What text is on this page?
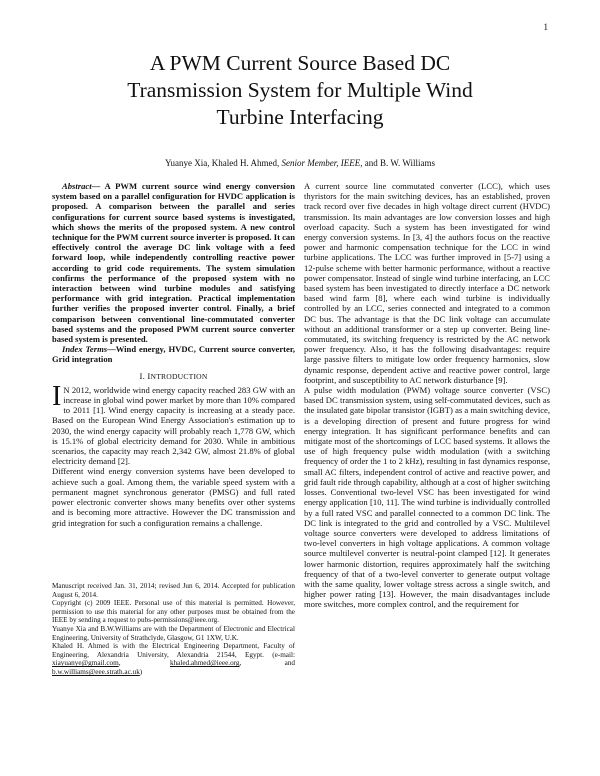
1
A PWM Current Source Based DC
Transmission System for Multiple Wind
Turbine Interfacing
Yuanye Xia, Khaled H. Ahmed, Senior Member, IEEE, and B. W. Williams

Abstract— A PWM current source wind energy conversion system based on a parallel configuration for HVDC application is proposed. A comparison between the parallel and series configurations for current source based systems is investigated, which shows the merits of the proposed system. A new control technique for the PWM current source inverter is proposed. It can effectively control the average DC link voltage with a feed forward loop, while independently controlling reactive power according to grid code requirements. The system simulation confirms the performance of the proposed system with no interaction between wind turbine modules and satisfying performance with grid integration. Practical implementation further verifies the proposed inverter control. Finally, a brief comparison between conventional line-commutated converter based systems and the proposed PWM current source converter based system is presented.

Index Terms—Wind energy, HVDC, Current source converter, Grid integration

I. INTRODUCTION

I N 2012, worldwide wind energy capacity reached 283 GW with an increase in global wind power market by more than 10% compared to 2011 [1]. Wind energy capacity is increasing at a steady pace. Based on the European Wind Energy Association's estimation up to 2030, the wind energy capacity will probably reach 1,778 GW, which is 15.1% of global electricity demand for 2030. While in ambitious scenarios, the capacity may reach 2,342 GW, almost 21.8% of global electricity demand [2].

Different wind energy conversion systems have been developed to achieve such a goal. Among them, the variable speed system with a permanent magnet synchronous generator (PMSG) and full rated power electronic converter shows many benefits over other systems and is becoming more attractive. However the DC transmission and grid integration for such a configuration remains a challenge.

Manuscript received Jan. 31, 2014; revised Jun 6, 2014. Accepted for publication August 6, 2014.

Copyright (c) 2009 IEEE. Personal use of this material is permitted. However, permission to use this material for any other purposes must be obtained from the IEEE by sending a request to pubs-permissions@ieee.org.

Yuanye Xia and B.W.Williams are with the Department of Electronic and Electrical Engineering, University of Strathclyde, Glasgow, G1 1XW, U.K.

Khaled H. Ahmed is with the Electrical Engineering Department, Faculty of Engineering, Alexandria University, Alexandria 21544, Egypt. (e-mail: xiayuanye@gmail.com,        khaled.ahmed@ieee.org,       and b.w.williams@eee.strath.ac.uk)

A current source line commutated converter (LCC), which uses thyristors for the main switching devices, has an established, proven track record over five decades in high voltage direct current (HVDC) transmission. Its main advantages are low conversion losses and high overload capacity. Such a system has been investigated for wind energy conversion systems. In [3, 4] the authors focus on the reactive power and harmonic compensation technique for the LCC in wind turbine applications. The LCC was further improved in [5-7] using a 12-pulse scheme with better harmonic performance, without a reactive power compensator. Instead of single wind turbine interfacing, an LCC based system has been investigated to directly interface a DC network based wind farm [8], where each wind turbine is individually controlled by an LCC, series connected and integrated to a common DC bus. The advantage is that the DC link voltage can accumulate without an additional transformer or a step up converter. Being line-commutated, its switching frequency is restricted by the AC network power frequency. Also, it has the following disadvantages: require large passive filters to mitigate low order frequency harmonics, slow dynamic response, dependent active and reactive power control, large footprint, and susceptibility to AC network disturbance [9].

A pulse width modulation (PWM) voltage source converter (VSC) based DC transmission system, using self-commutated devices, such as the insulated gate bipolar transistor (IGBT) as a main switching device, is a developing direction of present and future progress for wind energy integration. It has significant performance benefits and can mitigate most of the shortcomings of LCC based systems. It allows the use of high frequency pulse width modulation (with a switching frequency of order the 1 to 2 kHz), resulting in fast dynamics response, small AC filters, independent control of active and reactive power, and grid fault ride through capability, although at a cost of higher switching losses. Conventional two-level VSC has been investigated for wind energy application [10, 11]. The wind turbine is individually controlled by a full rated VSC and parallel connected to a common DC link. The DC link is integrated to the grid and controlled by a VSC. Multilevel voltage source converters were developed to address limitations of two-level converters in high voltage applications. A common voltage source multilevel converter is neutral-point clamped [12]. It generates lower harmonic distortion, requires approximately half the switching frequency of that of a two-level converter to generate output voltage with the same quality, lower voltage stress across a single switch, and higher power rating [13]. However, the main disadvantages include more switches, more complex control, and the requirement for
